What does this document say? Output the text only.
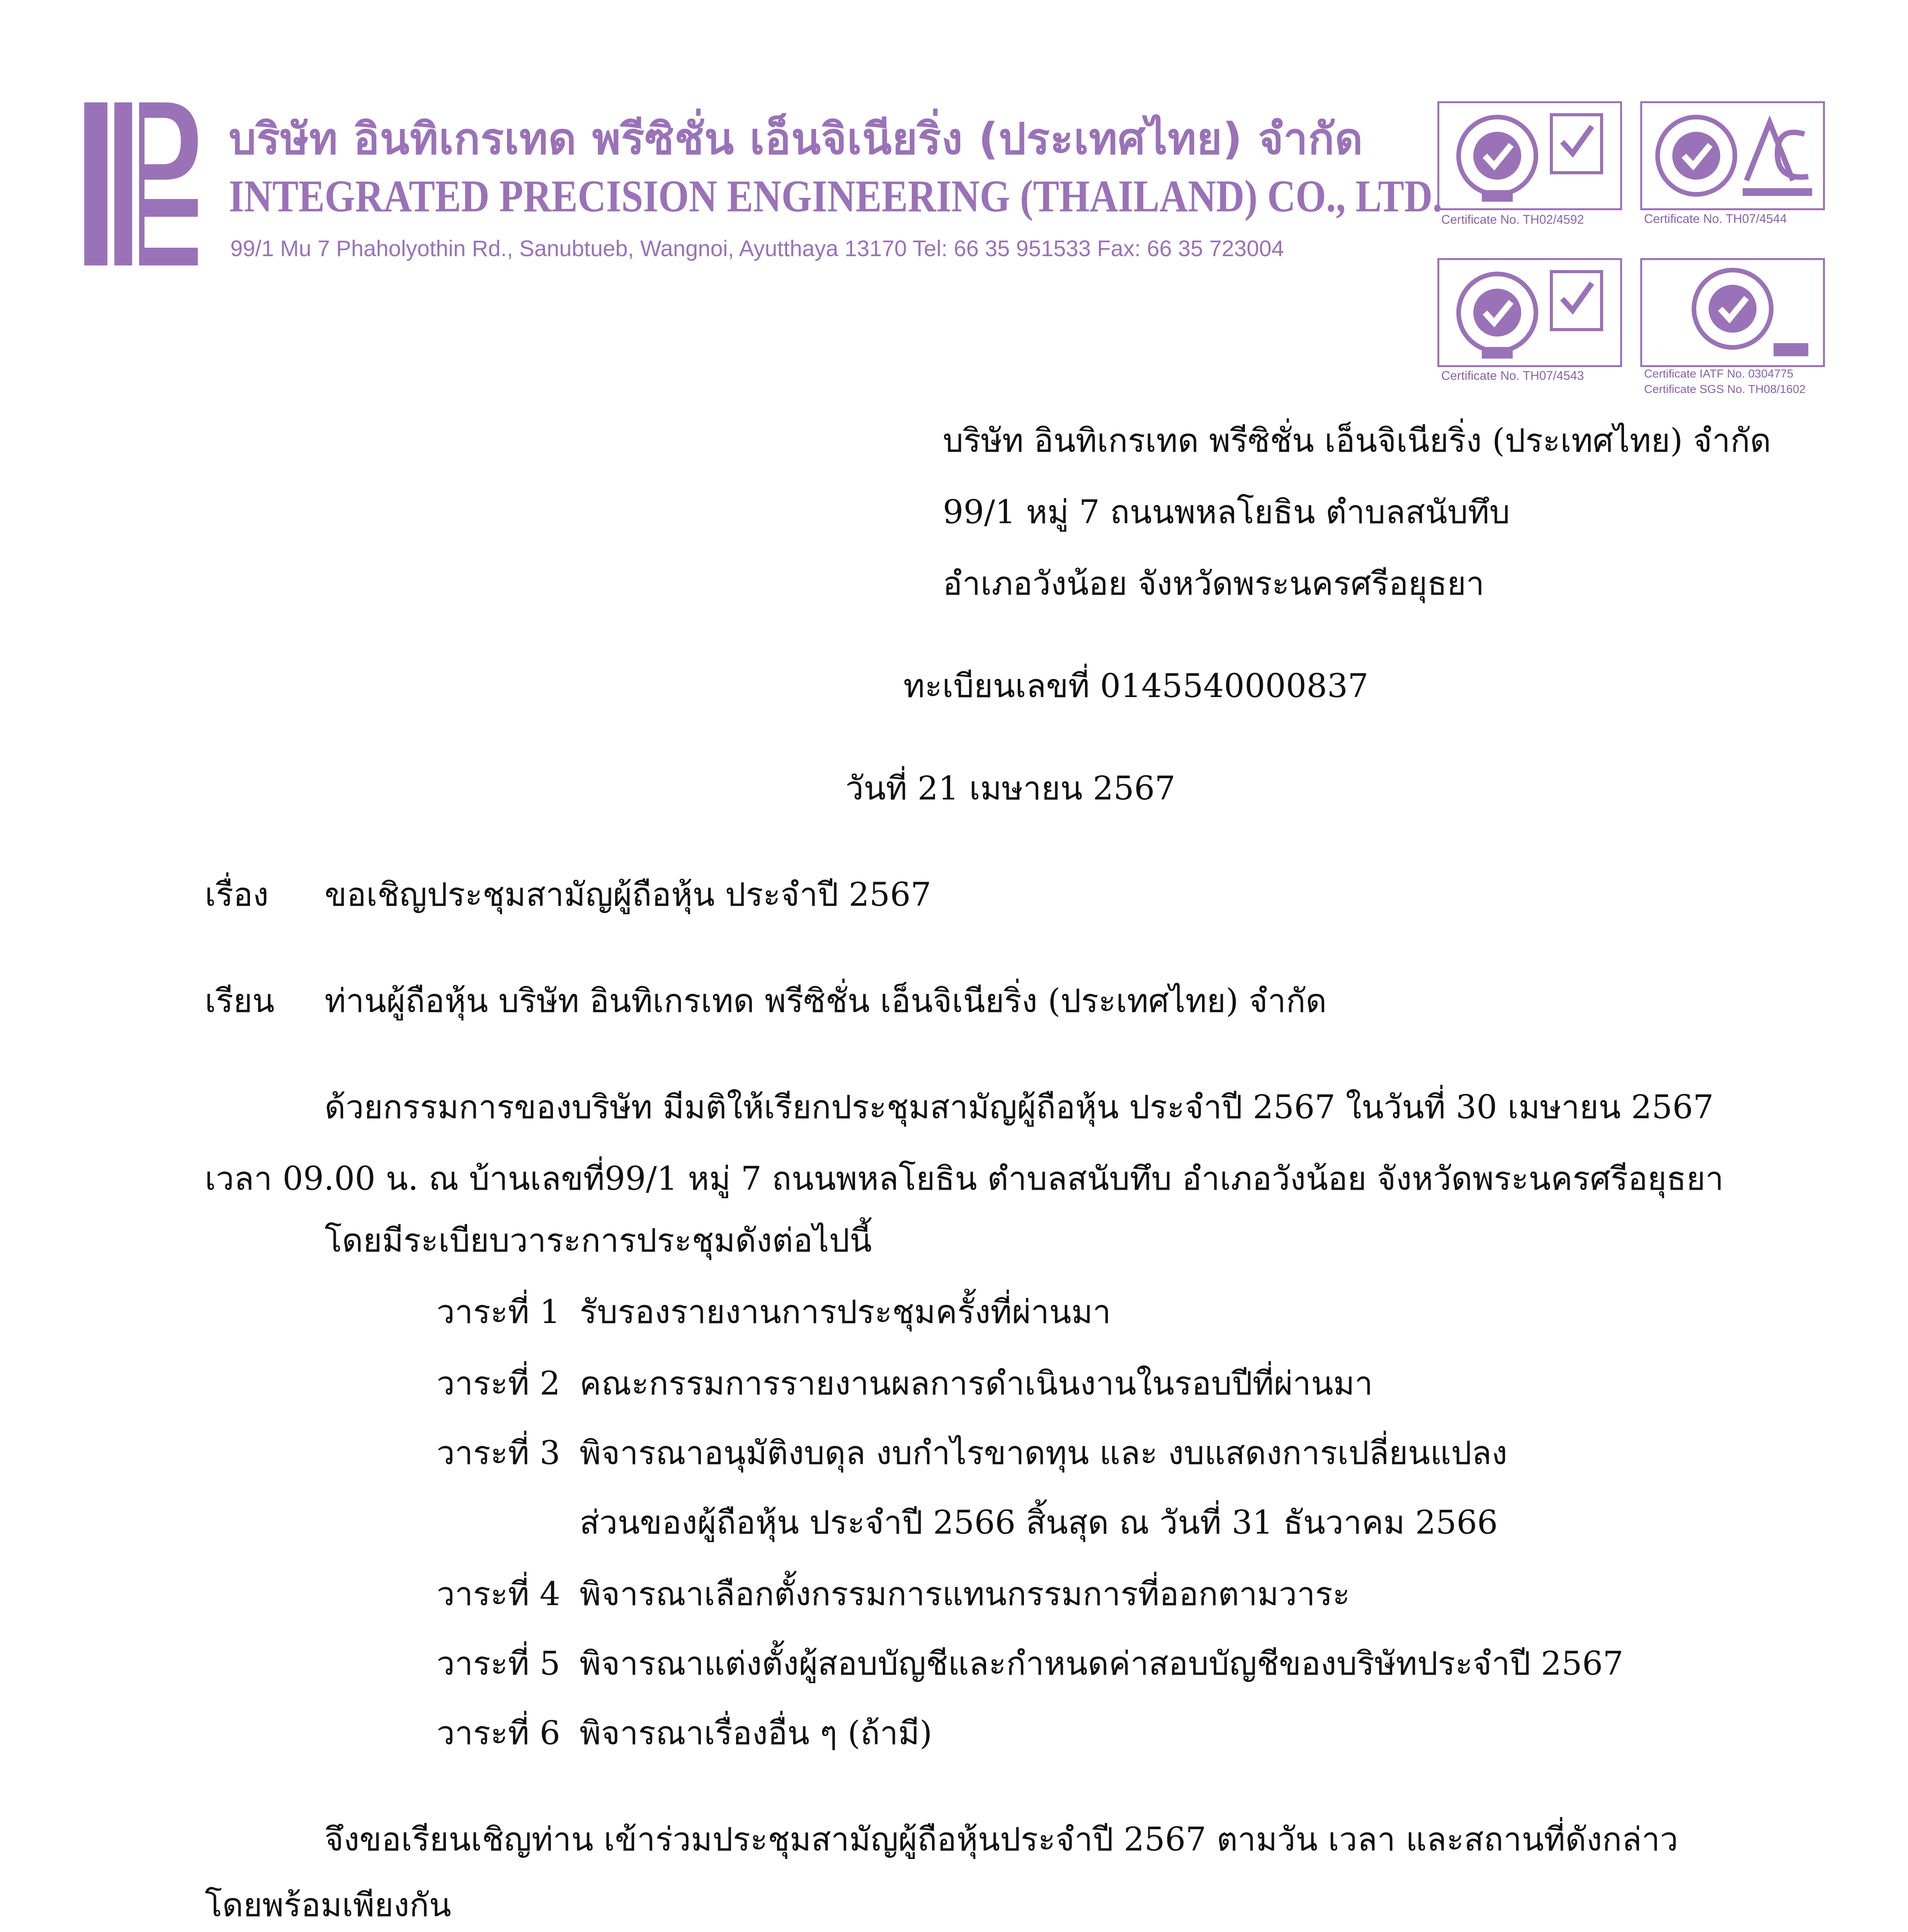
บริษัท อินทิเกรเทด พรีซิชั่น เอ็นจิเนียริ่ง (ประเทศไทย) จำกัด
INTEGRATED PRECISION ENGINEERING (THAILAND) CO., LTD.
99/1 Mu 7 Phaholyothin Rd., Sanubtueb, Wangnoi, Ayutthaya 13170 Tel: 66 35 951533 Fax: 66 35 723004
Certificate No. TH02/4592	Certificate No. TH07/4544
Certificate No. TH07/4543	Certificate IATF No. 0304775
Certificate SGS No. TH08/1602
บริษัท อินทิเกรเทด พรีซิชั่น เอ็นจิเนียริ่ง (ประเทศไทย) จำกัด
99/1 หมู่ 7 ถนนพหลโยธิน ตำบลสนับทึบ
อำเภอวังน้อย จังหวัดพระนครศรีอยุธยา
ทะเบียนเลขที่ 0145540000837
วันที่ 21 เมษายน 2567
เรื่อง ขอเชิญประชุมสามัญผู้ถือหุ้น ประจำปี 2567
เรียน ท่านผู้ถือหุ้น บริษัท อินทิเกรเทด พรีซิชั่น เอ็นจิเนียริ่ง (ประเทศไทย) จำกัด
ด้วยกรรมการของบริษัท มีมติให้เรียกประชุมสามัญผู้ถือหุ้น ประจำปี 2567 ในวันที่ 30 เมษายน 2567
เวลา 09.00 น. ณ บ้านเลขที่99/1 หมู่ 7 ถนนพหลโยธิน ตำบลสนับทึบ อำเภอวังน้อย จังหวัดพระนครศรีอยุธยา
โดยมีระเบียบวาระการประชุมดังต่อไปนี้
วาระที่ 1 รับรองรายงานการประชุมครั้งที่ผ่านมา
วาระที่ 2 คณะกรรมการรายงานผลการดำเนินงานในรอบปีที่ผ่านมา
วาระที่ 3 พิจารณาอนุมัติงบดุล งบกำไรขาดทุน และ งบแสดงการเปลี่ยนแปลง
ส่วนของผู้ถือหุ้น ประจำปี 2566 สิ้นสุด ณ วันที่ 31 ธันวาคม 2566
วาระที่ 4 พิจารณาเลือกตั้งกรรมการแทนกรรมการที่ออกตามวาระ
วาระที่ 5 พิจารณาแต่งตั้งผู้สอบบัญชีและกำหนดค่าสอบบัญชีของบริษัทประจำปี 2567
วาระที่ 6 พิจารณาเรื่องอื่น ๆ (ถ้ามี)
จึงขอเรียนเชิญท่าน เข้าร่วมประชุมสามัญผู้ถือหุ้นประจำปี 2567 ตามวัน เวลา และสถานที่ดังกล่าว
โดยพร้อมเพียงกัน
